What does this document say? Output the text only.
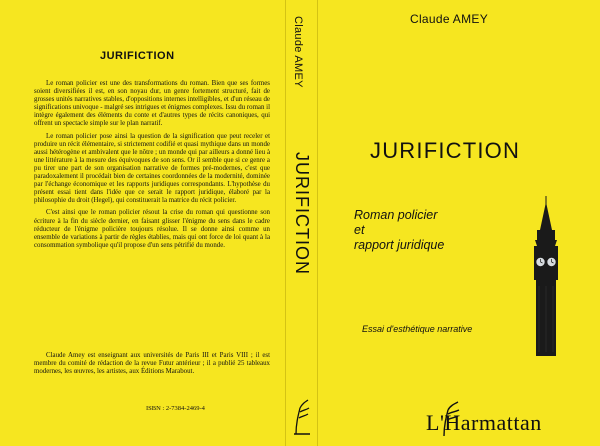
JURIFICTION

Le roman policier est une des transformations du roman. Bien que ses formes soient diversifiées il est, en son noyau dur, un genre fortement structuré, fait de grosses unités narratives stables, d'oppositions internes intelligibles, et d'un réseau de significations univoque - malgré ses intrigues et énigmes complexes. Issu du roman il intègre également des éléments du conte et d'autres types de récits canoniques, qui offrent un spectacle simple sur le plan narratif.

Le roman policier pose ainsi la question de la signification que peut receler et produire un récit élémentaire, si strictement codifié et quasi mythique dans un monde aussi hétérogène et ambivalent que le nôtre ; un monde qui par ailleurs a donné lieu à une littérature à la mesure des équivoques de son sens. Or il semble que si ce genre a pu tirer une part de son organisation narrative de formes pré-modernes, c'est que paradoxalement il procédait bien de certaines coordonnées de la modernité, dominée par l'échange économique et les rapports juridiques correspondants. L'hypothèse du présent essai tient dans l'idée que ce serait le rapport juridique, élaboré par la philosophie du droit (Hegel), qui constituerait la matrice du récit policier.

C'est ainsi que le roman policier résout la crise du roman qui questionne son écriture à la fin du siècle dernier, en faisant glisser l'énigme du sens dans le cadre réducteur de l'énigme policière toujours résolue. Il se donne ainsi comme un ensemble de variations à partir de règles établies, mais qui ont force de loi quant à la consommation symbolique qu'il propose d'un sens pétrifié du monde.

Claude Amey est enseignant aux universités de Paris III et Paris VIII ; il est membre du comité de rédaction de la revue Futur antérieur ; il a publié 25 tableaux modernes, les œuvres, les artistes, aux Éditions Marabout.
ISBN : 2-7384-2469-4
Claude AMEY
JURIFICTION
Claude AMEY
JURIFICTION
Roman policier
et
rapport juridique
Essai d'esthétique narrative
L'Harmattan
